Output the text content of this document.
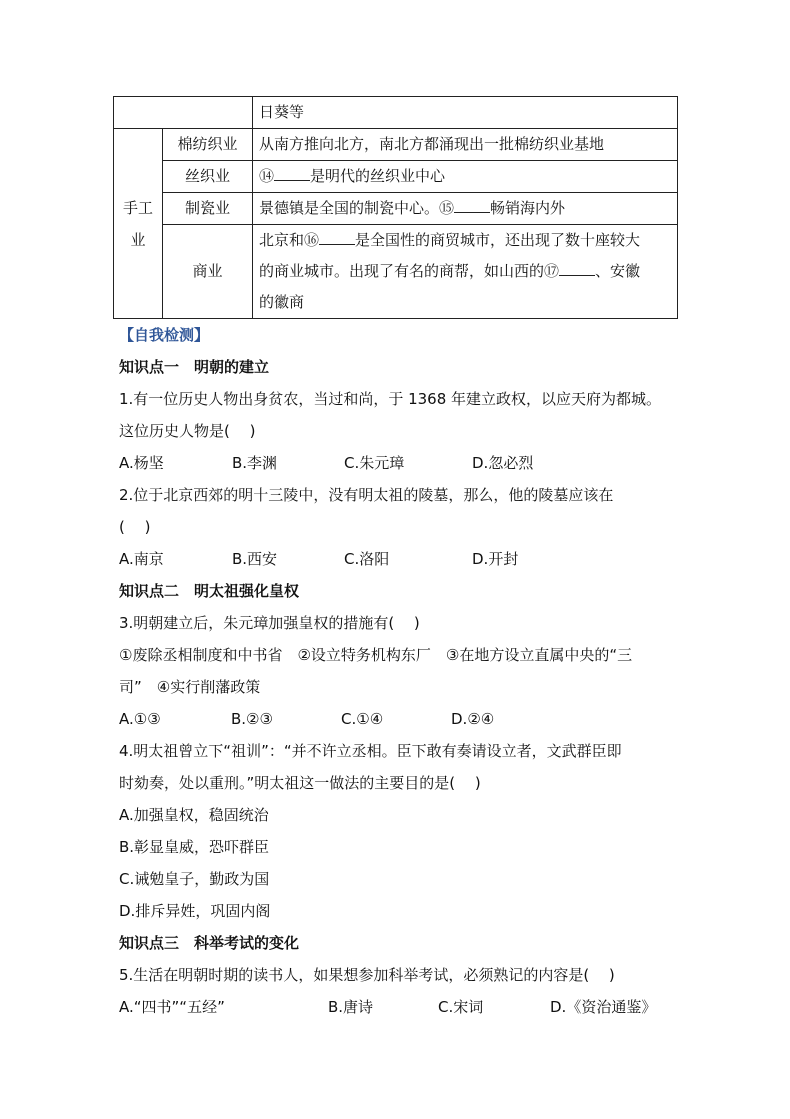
		日葵等
手工业	棉纺织业	从南方推向北方，南北方都涌现出一批棉纺织业基地
	丝织业	⑭ 是明代的丝织业中心
	制瓷业	景德镇是全国的制瓷中心。⑮ 畅销海内外
	商业	北京和⑯ 是全国性的商贸城市，还出现了数十座较大
的商业城市。出现了有名的商帮，如山西的⑰ 、安徽
的徽商
【自我检测】
知识点一　明朝的建立
1.有一位历史人物出身贫农，当过和尚，于 1368 年建立政权，以应天府为都城。
这位历史人物是(　 )
A.杨坚	B.李渊	C.朱元璋	D.忽必烈
2.位于北京西郊的明十三陵中，没有明太祖的陵墓，那么，他的陵墓应该在
(　 )
A.南京	B.西安	C.洛阳	D.开封
知识点二　明太祖强化皇权
3.明朝建立后，朱元璋加强皇权的措施有(　 )
①废除丞相制度和中书省　②设立特务机构东厂　③在地方设立直属中央的“三
司”　④实行削藩政策
A.①③	B.②③	C.①④	D.②④
4.明太祖曾立下“祖训”：“并不许立丞相。臣下敢有奏请设立者，文武群臣即
时劾奏，处以重刑。”明太祖这一做法的主要目的是(　 )
A.加强皇权，稳固统治
B.彰显皇威，恐吓群臣
C.诫勉皇子，勤政为国
D.排斥异姓，巩固内阁
知识点三　科举考试的变化
5.生活在明朝时期的读书人，如果想参加科举考试，必须熟记的内容是(　 )
A.“四书”“五经”	B.唐诗	C.宋词	D.《资治通鉴》
